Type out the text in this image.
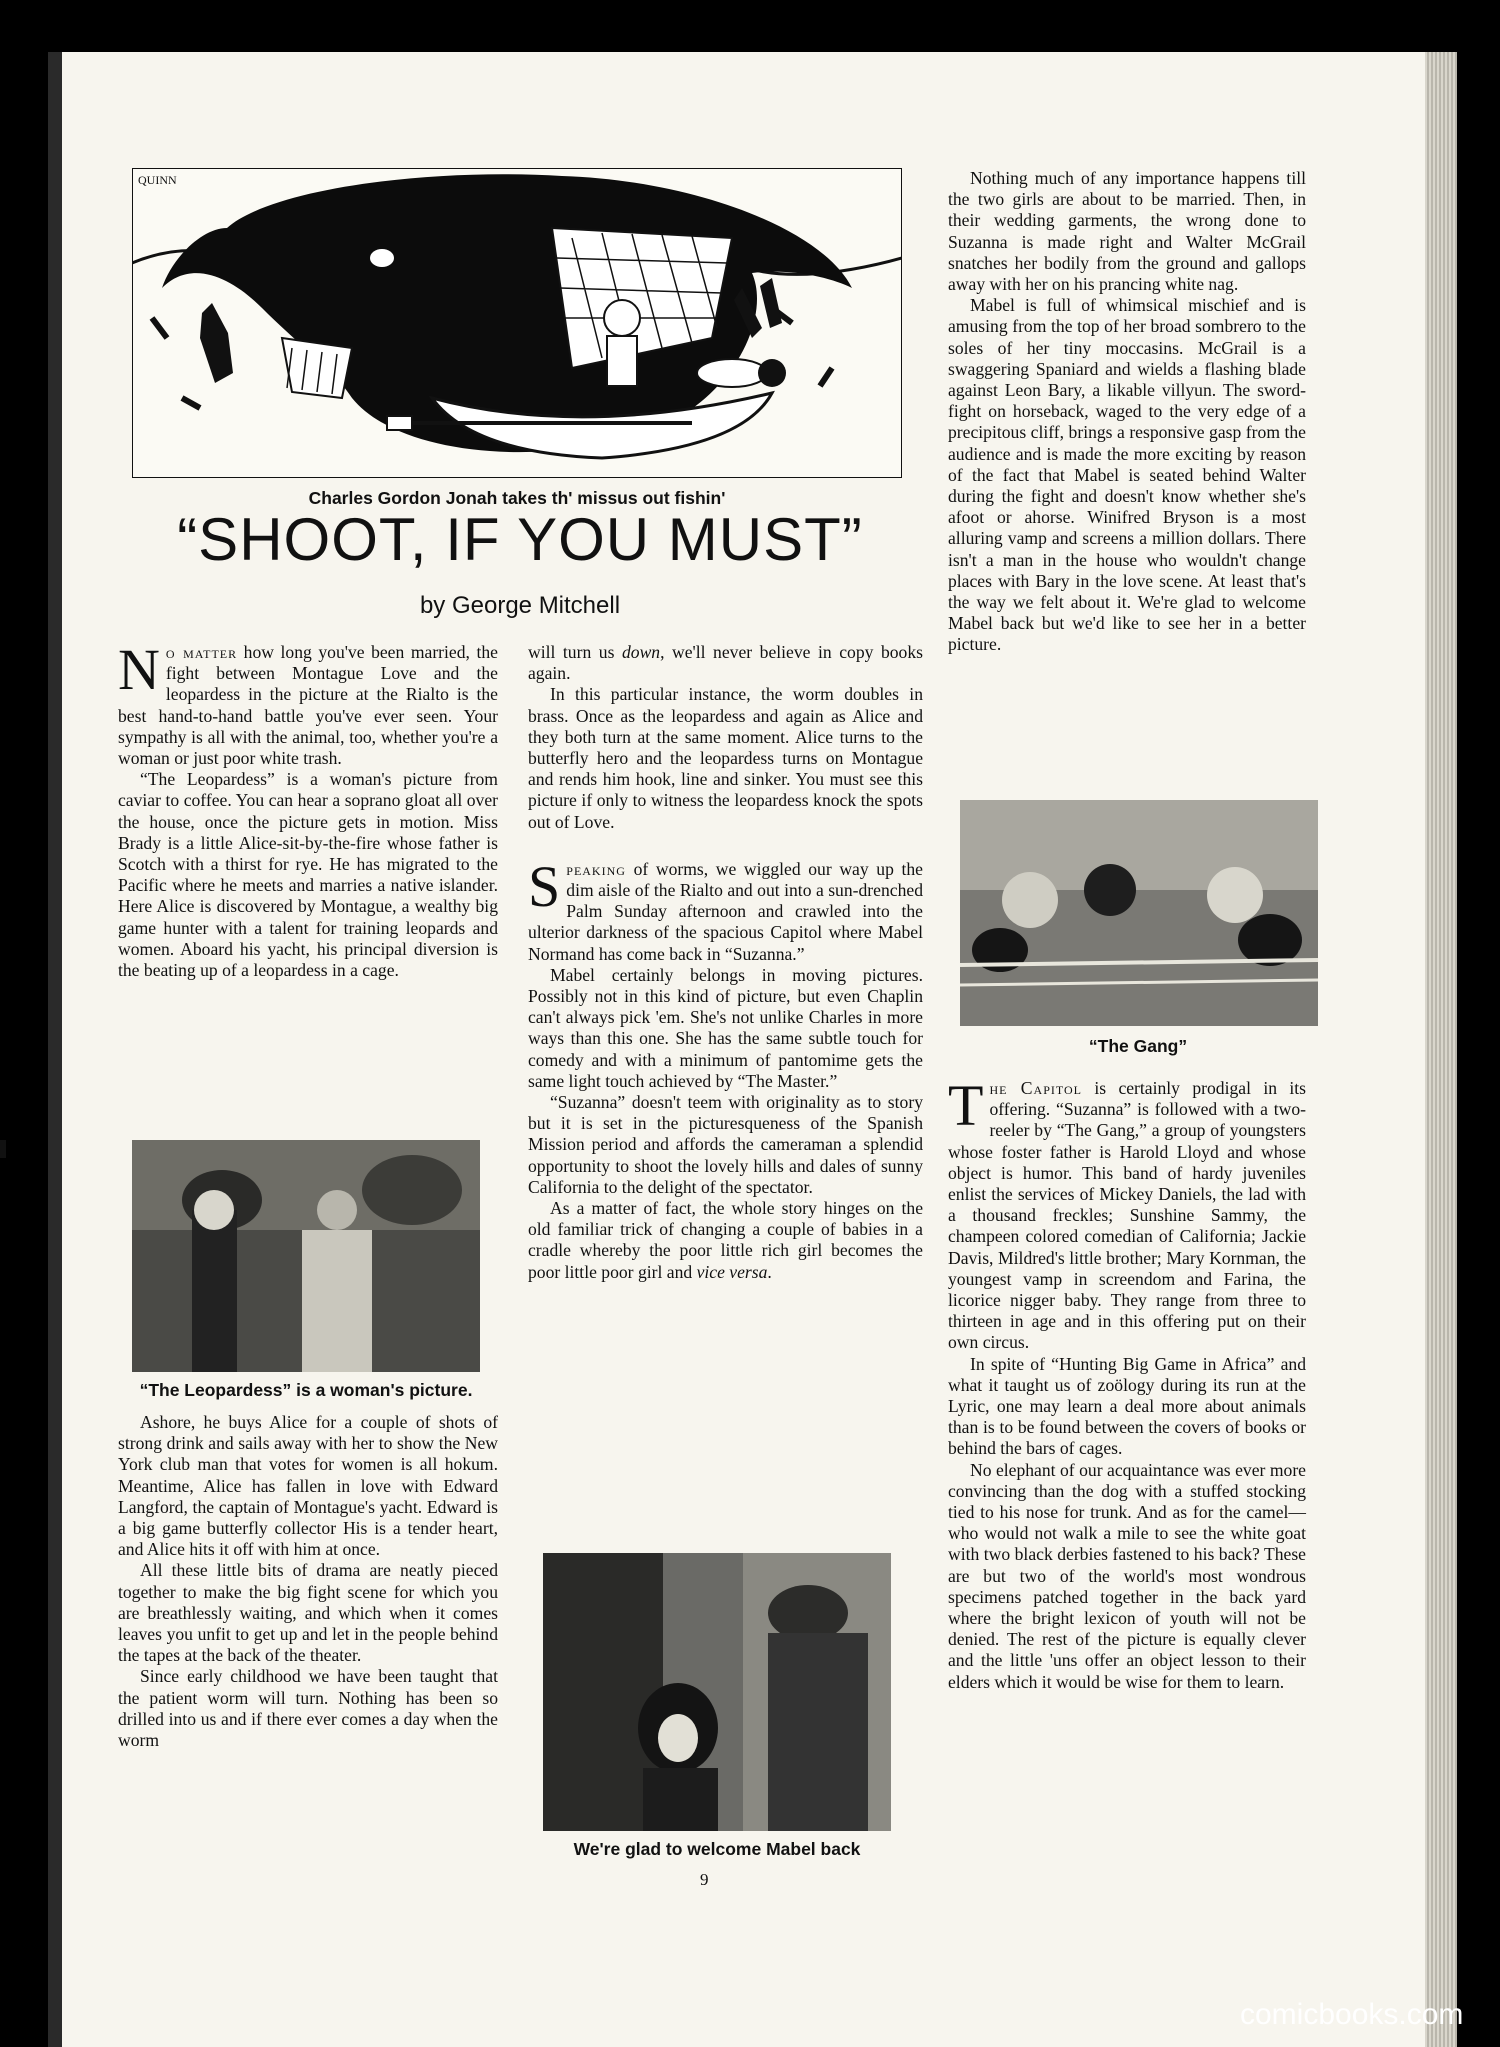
QUINN
Charles Gordon Jonah takes th' missus out fishin'
“SHOOT, IF YOU MUST”
by George Mitchell

No matter how long you've been married, the fight between Montague Love and the leopardess in the picture at the Rialto is the best hand-to-hand battle you've ever seen. Your sympathy is all with the animal, too, whether you're a woman or just poor white trash.

“The Leopardess” is a woman's picture from caviar to coffee. You can hear a soprano gloat all over the house, once the picture gets in motion. Miss Brady is a little Alice-sit-by-the-fire whose father is Scotch with a thirst for rye. He has migrated to the Pacific where he meets and marries a native islander. Here Alice is discovered by Montague, a wealthy big game hunter with a talent for training leopards and women. Aboard his yacht, his principal diversion is the beating up of a leopardess in a cage.

“The Leopardess” is a woman's picture.

Ashore, he buys Alice for a couple of shots of strong drink and sails away with her to show the New York club man that votes for women is all hokum. Meantime, Alice has fallen in love with Edward Langford, the captain of Montague's yacht. Edward is a big game butterfly collector His is a tender heart, and Alice hits it off with him at once.

All these little bits of drama are neatly pieced together to make the big fight scene for which you are breathlessly waiting, and which when it comes leaves you unfit to get up and let in the people behind the tapes at the back of the theater.

Since early childhood we have been taught that the patient worm will turn. Nothing has been so drilled into us and if there ever comes a day when the worm

will turn us down, we'll never believe in copy books again.

In this particular instance, the worm doubles in brass. Once as the leopardess and again as Alice and they both turn at the same moment. Alice turns to the butterfly hero and the leopardess turns on Montague and rends him hook, line and sinker. You must see this picture if only to witness the leopardess knock the spots out of Love.

Speaking of worms, we wiggled our way up the dim aisle of the Rialto and out into a sun-drenched Palm Sunday afternoon and crawled into the ulterior darkness of the spacious Capitol where Mabel Normand has come back in “Suzanna.”

Mabel certainly belongs in moving pictures. Possibly not in this kind of picture, but even Chaplin can't always pick 'em. She's not unlike Charles in more ways than this one. She has the same subtle touch for comedy and with a minimum of pantomime gets the same light touch achieved by “The Master.”

“Suzanna” doesn't teem with originality as to story but it is set in the picturesqueness of the Spanish Mission period and affords the cameraman a splendid opportunity to shoot the lovely hills and dales of sunny California to the delight of the spectator.

As a matter of fact, the whole story hinges on the old familiar trick of changing a couple of babies in a cradle whereby the poor little rich girl becomes the poor little poor girl and vice versa.

We're glad to welcome Mabel back

Nothing much of any importance happens till the two girls are about to be married. Then, in their wedding garments, the wrong done to Suzanna is made right and Walter McGrail snatches her bodily from the ground and gallops away with her on his prancing white nag.

Mabel is full of whimsical mischief and is amusing from the top of her broad sombrero to the soles of her tiny moccasins. McGrail is a swaggering Spaniard and wields a flashing blade against Leon Bary, a likable villyun. The sword-fight on horseback, waged to the very edge of a precipitous cliff, brings a responsive gasp from the audience and is made the more exciting by reason of the fact that Mabel is seated behind Walter during the fight and doesn't know whether she's afoot or ahorse. Winifred Bryson is a most alluring vamp and screens a million dollars. There isn't a man in the house who wouldn't change places with Bary in the love scene. At least that's the way we felt about it. We're glad to welcome Mabel back but we'd like to see her in a better picture.

“The Gang”

The Capitol is certainly prodigal in its offering. “Suzanna” is followed with a two-reeler by “The Gang,” a group of youngsters whose foster father is Harold Lloyd and whose object is humor. This band of hardy juveniles enlist the services of Mickey Daniels, the lad with a thousand freckles; Sunshine Sammy, the champeen colored comedian of California; Jackie Davis, Mildred's little brother; Mary Kornman, the youngest vamp in screendom and Farina, the licorice nigger baby. They range from three to thirteen in age and in this offering put on their own circus.

In spite of “Hunting Big Game in Africa” and what it taught us of zoölogy during its run at the Lyric, one may learn a deal more about animals than is to be found between the covers of books or behind the bars of cages.

No elephant of our acquaintance was ever more convincing than the dog with a stuffed stocking tied to his nose for trunk. And as for the camel—who would not walk a mile to see the white goat with two black derbies fastened to his back? These are but two of the world's most wondrous specimens patched together in the back yard where the bright lexicon of youth will not be denied. The rest of the picture is equally clever and the little 'uns offer an object lesson to their elders which it would be wise for them to learn.

9
comicbooks.com
